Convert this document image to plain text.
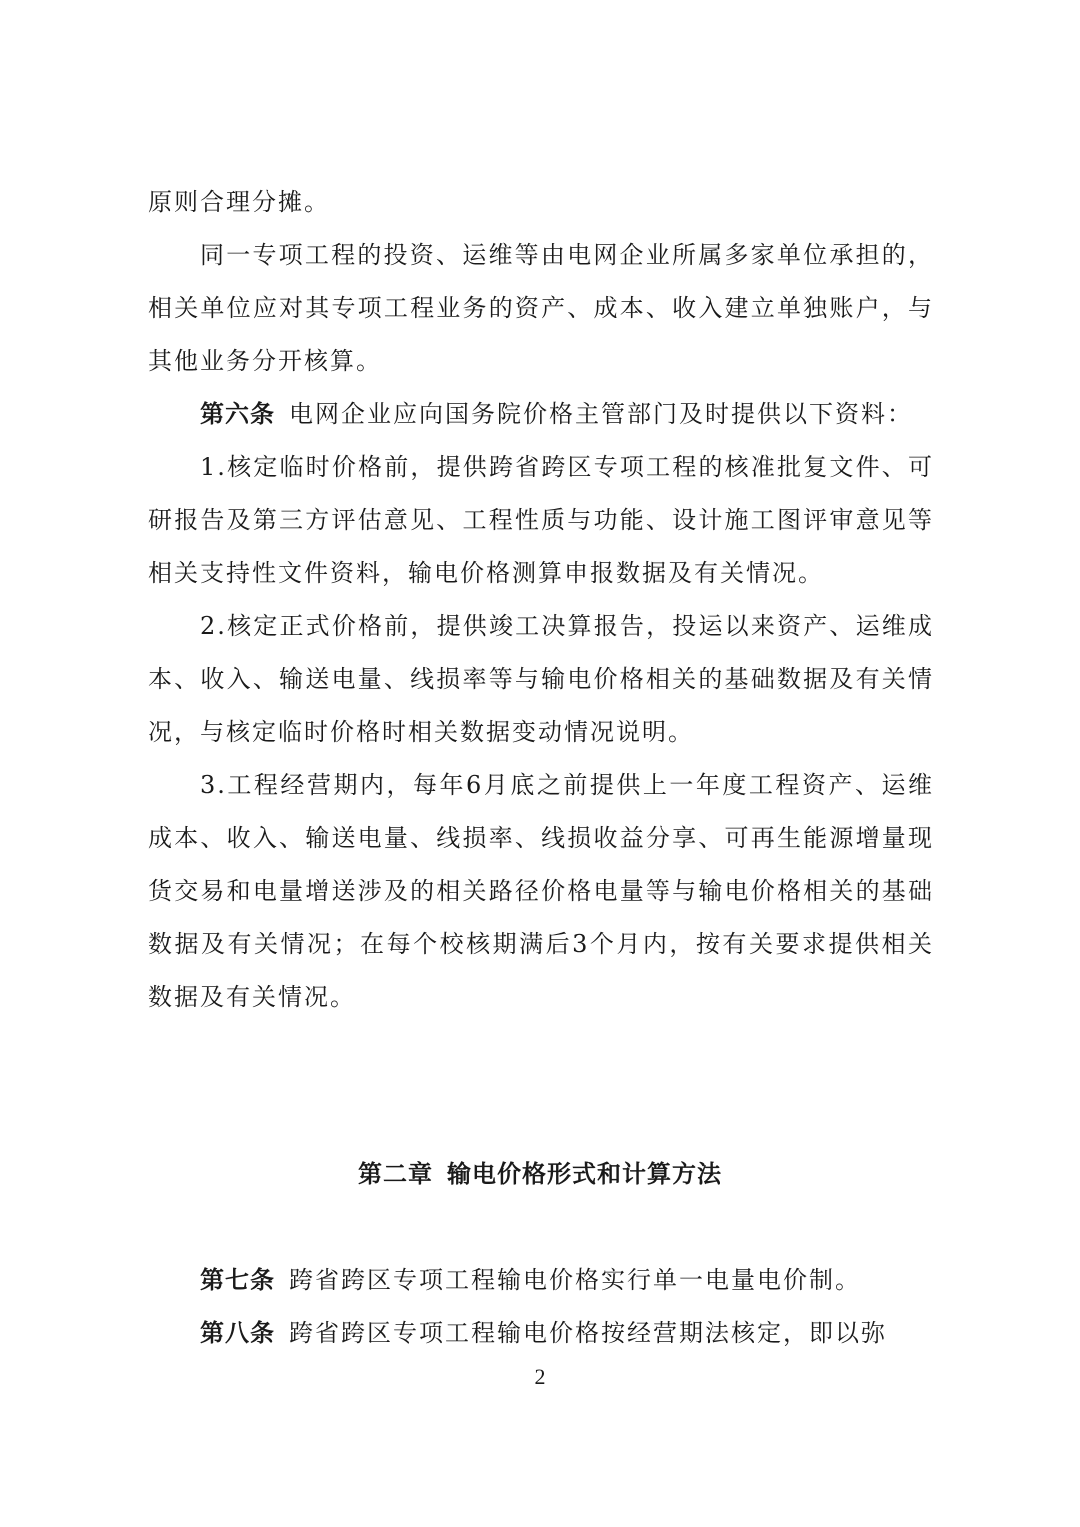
原则合理分摊。

同一专项工程的投资、运维等由电网企业所属多家单位承担的，相关单位应对其专项工程业务的资产、成本、收入建立单独账户，与其他业务分开核算。

第六条 电网企业应向国务院价格主管部门及时提供以下资料：

1.核定临时价格前，提供跨省跨区专项工程的核准批复文件、可研报告及第三方评估意见、工程性质与功能、设计施工图评审意见等相关支持性文件资料，输电价格测算申报数据及有关情况。

2.核定正式价格前，提供竣工决算报告，投运以来资产、运维成本、收入、输送电量、线损率等与输电价格相关的基础数据及有关情况，与核定临时价格时相关数据变动情况说明。

3.工程经营期内，每年6月底之前提供上一年度工程资产、运维成本、收入、输送电量、线损率、线损收益分享、可再生能源增量现货交易和电量增送涉及的相关路径价格电量等与输电价格相关的基础数据及有关情况；在每个校核期满后3个月内，按有关要求提供相关数据及有关情况。

第二章 输电价格形式和计算方法

第七条 跨省跨区专项工程输电价格实行单一电量电价制。

第八条 跨省跨区专项工程输电价格按经营期法核定，即以弥

2
